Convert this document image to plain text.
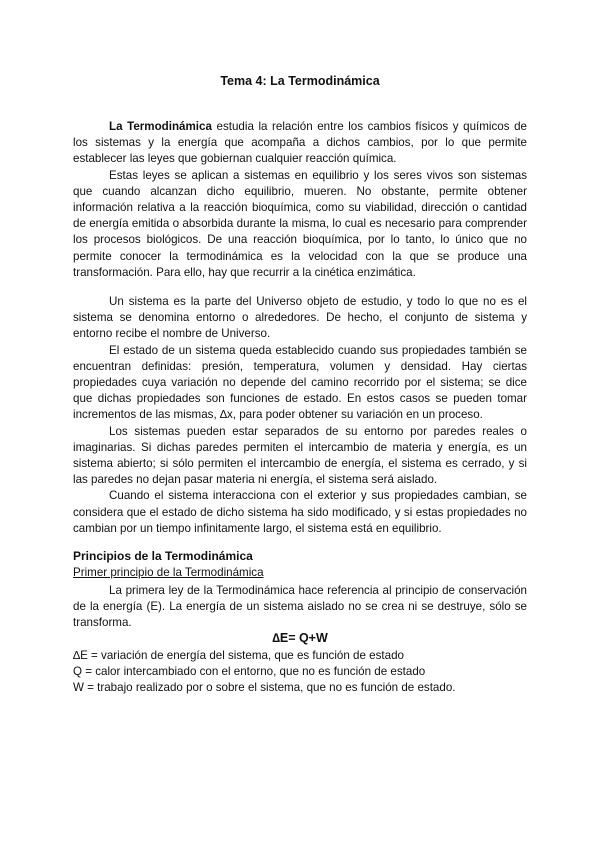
Tema 4: La Termodinámica

La Termodinámica estudia la relación entre los cambios físicos y químicos de los sistemas y la energía que acompaña a dichos cambios, por lo que permite establecer las leyes que gobiernan cualquier reacción química.

Estas leyes se aplican a sistemas en equilibrio y los seres vivos son sistemas que cuando alcanzan dicho equilibrio, mueren. No obstante, permite obtener información relativa a la reacción bioquímica, como su viabilidad, dirección o cantidad de energía emitida o absorbida durante la misma, lo cual es necesario para comprender los procesos biológicos. De una reacción bioquímica, por lo tanto, lo único que no permite conocer la termodinámica es la velocidad con la que se produce una transformación. Para ello, hay que recurrir a la cinética enzimática.

Un sistema es la parte del Universo objeto de estudio, y todo lo que no es el sistema se denomina entorno o alrededores. De hecho, el conjunto de sistema y entorno recibe el nombre de Universo.

El estado de un sistema queda establecido cuando sus propiedades también se encuentran definidas: presión, temperatura, volumen y densidad. Hay ciertas propiedades cuya variación no depende del camino recorrido por el sistema; se dice que dichas propiedades son funciones de estado. En estos casos se pueden tomar incrementos de las mismas, ∆x, para poder obtener su variación en un proceso.

Los sistemas pueden estar separados de su entorno por paredes reales o imaginarias. Si dichas paredes permiten el intercambio de materia y energía, es un sistema abierto; si sólo permiten el intercambio de energía, el sistema es cerrado, y si las paredes no dejan pasar materia ni energía, el sistema será aislado.

Cuando el sistema interacciona con el exterior y sus propiedades cambian, se considera que el estado de dicho sistema ha sido modificado, y si estas propiedades no cambian por un tiempo infinitamente largo, el sistema está en equilibrio.

Principios de la Termodinámica
Primer principio de la Termodinámica

La primera ley de la Termodinámica hace referencia al principio de conservación de la energía (E). La energía de un sistema aislado no se crea ni se destruye, sólo se transforma.

∆E= Q+W
∆E = variación de energía del sistema, que es función de estado
Q = calor intercambiado con el entorno, que no es función de estado
W = trabajo realizado por o sobre el sistema, que no es función de estado.
